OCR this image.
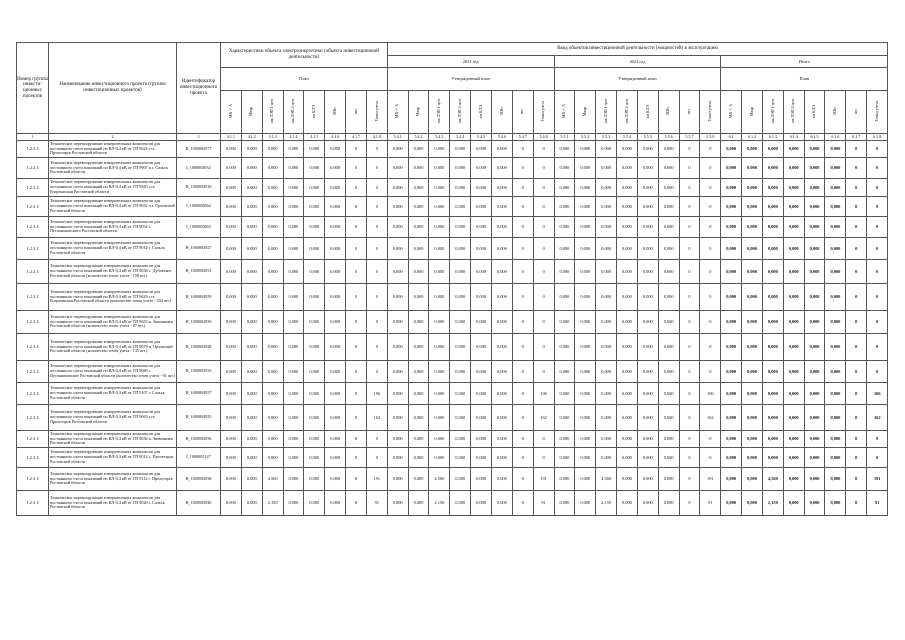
Номер группы инвести-ционных проектов	Наименование инвестиционного проекта (группы инвестиционных проектов)	Идентификатор инвестиционного проекта	Характеристики объекта электроэнергетики (объекта инвестиционной деятельности)								Ввод объектов инвестиционной деятельности (мощностей) в эксплуатацию																							
											2021 год								2022 год								Итого							
			План								Утвержденный план								Утвержденный план								План							
			МВ×А	Мвар	км ЛЭП 1-цеп	км ЛЭП 2-цеп	км КЛЭ	МВт	шт	Точки учета	МВ×А	Мвар	км ЛЭП 1-цеп	км ЛЭП 2-цеп	км КЛЭ	МВт	шт	Точки учета	МВ×А	Мвар	км ЛЭП 1-цеп	км ЛЭП 2-цеп	км КЛЭ	МВт	шт	Точки учета	МВ×А	Мвар	км ЛЭП 1-цеп	км ЛЭП 2-цеп	км КЛЭ	МВт	шт	Точки учета
1	2	3	4.1.1	4.1.2	4.1.3	4.1.4	4.1.5	4.1.6	4.1.7	4.1.8	5.4.1	5.4.2	5.4.3	5.4.4	5.4.5	5.4.6	5.4.7	5.4.8	5.5.1	5.5.2	5.5.3	5.5.4	5.5.5	5.5.6	5.5.7	5.5.8	6.1	6.1.2	6.1.3	6.1.4	6.1.5	6.1.6	6.1.7	6.1.8
1.2.3.3	Техническое перевооружение измерительных комплексов для постоянного счета показаний по ВЛ-0,4 кВ от ТП 9624 г.ст. Пролетарск Ростовской области	H_1000004977	0,000	0,000	0,000	0,000	0,000	0,000	0	0	0,000	0,000	0,000	0,000	0,000	0,000	0	0	0,000	0,000	0,000	0,000	0,000	0,000	0	0	0,000	0,000	0,000	0,000	0,000	0,000	0	0
1.2.3.3	Техническое перевооружение измерительных комплексов для постоянного счета показаний по ВЛ-0,4 кВ от ТП 9967 п.г. Сальск Ростовской области	I_1000004932	0,000	0,000	0,000	0,000	0,000	0,000	0	0	0,000	0,000	0,000	0,000	0,000	0,000	0	0	0,000	0,000	0,000	0,000	0,000	0,000	0	0	0,000	0,000	0,000	0,000	0,000	0,000	0	0
1.2.3.3	Техническое перевооружение измерительных комплексов для постоянного счета показаний по ВЛ-0,4 кВ от ТП 9945 г.ст. Егорлыкская Ростовской области	H_1000004918	0,000	0,000	0,000	0,000	0,000	0,000	0	0	0,000	0,000	0,000	0,000	0,000	0,000	0	0	0,000	0,000	0,000	0,000	0,000	0,000	0	0	0,000	0,000	0,000	0,000	0,000	0,000	0	0
1.2.3.3	Техническое перевооружение измерительных комплексов для постоянного счета показаний по ВЛ-0,4 кВ от ТП 9032 п.г. Орловский Ростовской области	I_1000005064	0,000	0,000	0,000	0,000	0,000	0,000	0	0	0,000	0,000	0,000	0,000	0,000	0,000	0	0	0,000	0,000	0,000	0,000	0,000	0,000	0	0	0,000	0,000	0,000	0,000	0,000	0,000	0	0
1.2.3.3	Техническое перевооружение измерительных комплексов для постоянного счета показаний по ВЛ-0,4 кВ от ТП 9054 г. Песчанокопского Ростовской области	I_1000005063	0,000	0,000	0,000	0,000	0,000	0,000	0	0	0,000	0,000	0,000	0,000	0,000	0,000	0	0	0,000	0,000	0,000	0,000	0,000	0,000	0	0	0,000	0,000	0,000	0,000	0,000	0,000	0	0
1.2.3.3	Техническое перевооружение измерительных комплексов для постоянного счета показаний по ВЛ-0,4 кВ от ТП 9012 г. Сальск Ростовской области	H_1000004927	0,000	0,000	0,000	0,000	0,000	0,000	0	0	0,000	0,000	0,000	0,000	0,000	0,000	0	0	0,000	0,000	0,000	0,000	0,000	0,000	0	0	0,000	0,000	0,000	0,000	0,000	0,000	0	0
1.2.3.3	Техническое перевооружение измерительных комплексов для постоянного счета показаний по ВЛ-0,4 кВ от ТП 9038 с. Дубовское Ростовской области (количество точек учета - 158 шт.)	H_1000004931	0,000	0,000	0,000	0,000	0,000	0,000	0	0	0,000	0,000	0,000	0,000	0,000	0,000	0	0	0,000	0,000	0,000	0,000	0,000	0,000	0	0	0,000	0,000	0,000	0,000	0,000	0,000	0	0
1.2.3.3	Техническое перевооружение измерительных комплексов для постоянного счета показаний по ВЛ-0,4 кВ от ТП 9629 г.ст. Егорлыкская Ростовской области (количество точек учета - 204 шт.)	H_1000004939	0,000	0,000	0,000	0,000	0,000	0,000	0	0	0,000	0,000	0,000	0,000	0,000	0,000	0	0	0,000	0,000	0,000	0,000	0,000	0,000	0	0	0,000	0,000	0,000	0,000	0,000	0,000	0	0
1.2.3.3	Техническое перевооружение измерительных комплексов для постоянного счета показаний по ВЛ-0,4 кВ от ТП 9653 п. Зимовники Ростовской области (количество точек учета - 87 шт.)	H_1000004930	0,000	0,000	0,000	0,000	0,000	0,000	0	0	0,000	0,000	0,000	0,000	0,000	0,000	0	0	0,000	0,000	0,000	0,000	0,000	0,000	0	0	0,000	0,000	0,000	0,000	0,000	0,000	0	0
1.2.3.3	Техническое перевооружение измерительных комплексов для постоянного счета показаний по ВЛ-0,4 кВ от ТП 9079 п. Орловский Ростовской области (количество точек учета - 135 шт.)	H_1000004928	0,000	0,000	0,000	0,000	0,000	0,000	0	0	0,000	0,000	0,000	0,000	0,000	0,000	0	0	0,000	0,000	0,000	0,000	0,000	0,000	0	0	0,000	0,000	0,000	0,000	0,000	0,000	0	0
1.2.3.3	Техническое перевооружение измерительных комплексов для постоянного счета показаний по ВЛ-0,4 кВ от ТП 9080 с. Песчанокопское Ростовской области (количество точек учета - 91 шт.)	H_1000004933	0,000	0,000	0,000	0,000	0,000	0,000	0	0	0,000	0,000	0,000	0,000	0,000	0,000	0	0	0,000	0,000	0,000	0,000	0,000	0,000	0	0	0,000	0,000	0,000	0,000	0,000	0,000	0	0
1.2.3.3	Техническое перевооружение измерительных комплексов для постоянного счета показаний по ВЛ-0,4 кВ от ТП 9107 г. Сальск Ростовской области	H_1000004937	0,000	0,000	0,000	0,000	0,000	0,000	0	106	0,000	0,000	0,000	0,000	0,000	0,000	0	106	0,000	0,000	0,000	0,000	0,000	0,000	0	106	0,000	0,000	0,000	0,000	0,000	0,000	0	106
1.2.3.3	Техническое перевооружение измерительных комплексов для постоянного счета показаний по ВЛ-0,4 кВ от ТП 9063 г.ст. Пролетарск Ростовской области	H_1000004935	0,000	0,000	0,000	0,000	0,000	0,000	0	162	0,000	0,000	0,000	0,000	0,000	0,000	0	162	0,000	0,000	0,000	0,000	0,000	0,000	0	162	0,000	0,000	0,000	0,000	0,000	0,000	0	162
1.2.3.3	Техническое перевооружение измерительных комплексов для постоянного счета показаний по ВЛ-0,4 кВ от ТП 9036 п. Зимовники Ростовской области	H_1000004936	0,000	0,000	0,000	0,000	0,000	0,000	0	0	0,000	0,000	0,000	0,000	0,000	0,000	0	0	0,000	0,000	0,000	0,000	0,000	0,000	0	0	0,000	0,000	0,000	0,000	0,000	0,000	0	0
1.2.3.3	Техническое перевооружение измерительных комплексов для постоянного счета показаний по ВЛ-0,4 кВ от ТП 9014 с. Пролетарск Ростовской области	I_1000005147	0,000	0,000	0,000	0,000	0,000	0,000	0	0	0,000	0,000	0,000	0,000	0,000	0,000	0	0	0,000	0,000	0,000	0,000	0,000	0,000	0	0	0,000	0,000	0,000	0,000	0,000	0,000	0	0
1.2.3.3	Техническое перевооружение измерительных комплексов для постоянного счета показаний по ВЛ-0,4 кВ от ТП 9112 г. Пролетарск Ростовской области	H_1000004938	0,000	0,000	4,560	0,000	0,000	0,000	0	191	0,000	0,000	4,560	0,000	0,000	0,000	0	191	0,000	0,000	4,560	0,000	0,000	0,000	0	191	0,000	0,000	4,560	0,000	0,000	0,000	0	191
1.2.3.3	Техническое перевооружение измерительных комплексов для постоянного счета показаний по ВЛ-0,4 кВ от ТП 9020 г. Сальск Ростовской области	H_1000004940	0,000	0,000	2,150	0,000	0,000	0,000	0	91	0,000	0,000	2,150	0,000	0,000	0,000	0	91	0,000	0,000	2,150	0,000	0,000	0,000	0	91	0,000	0,000	2,150	0,000	0,000	0,000	0	91
